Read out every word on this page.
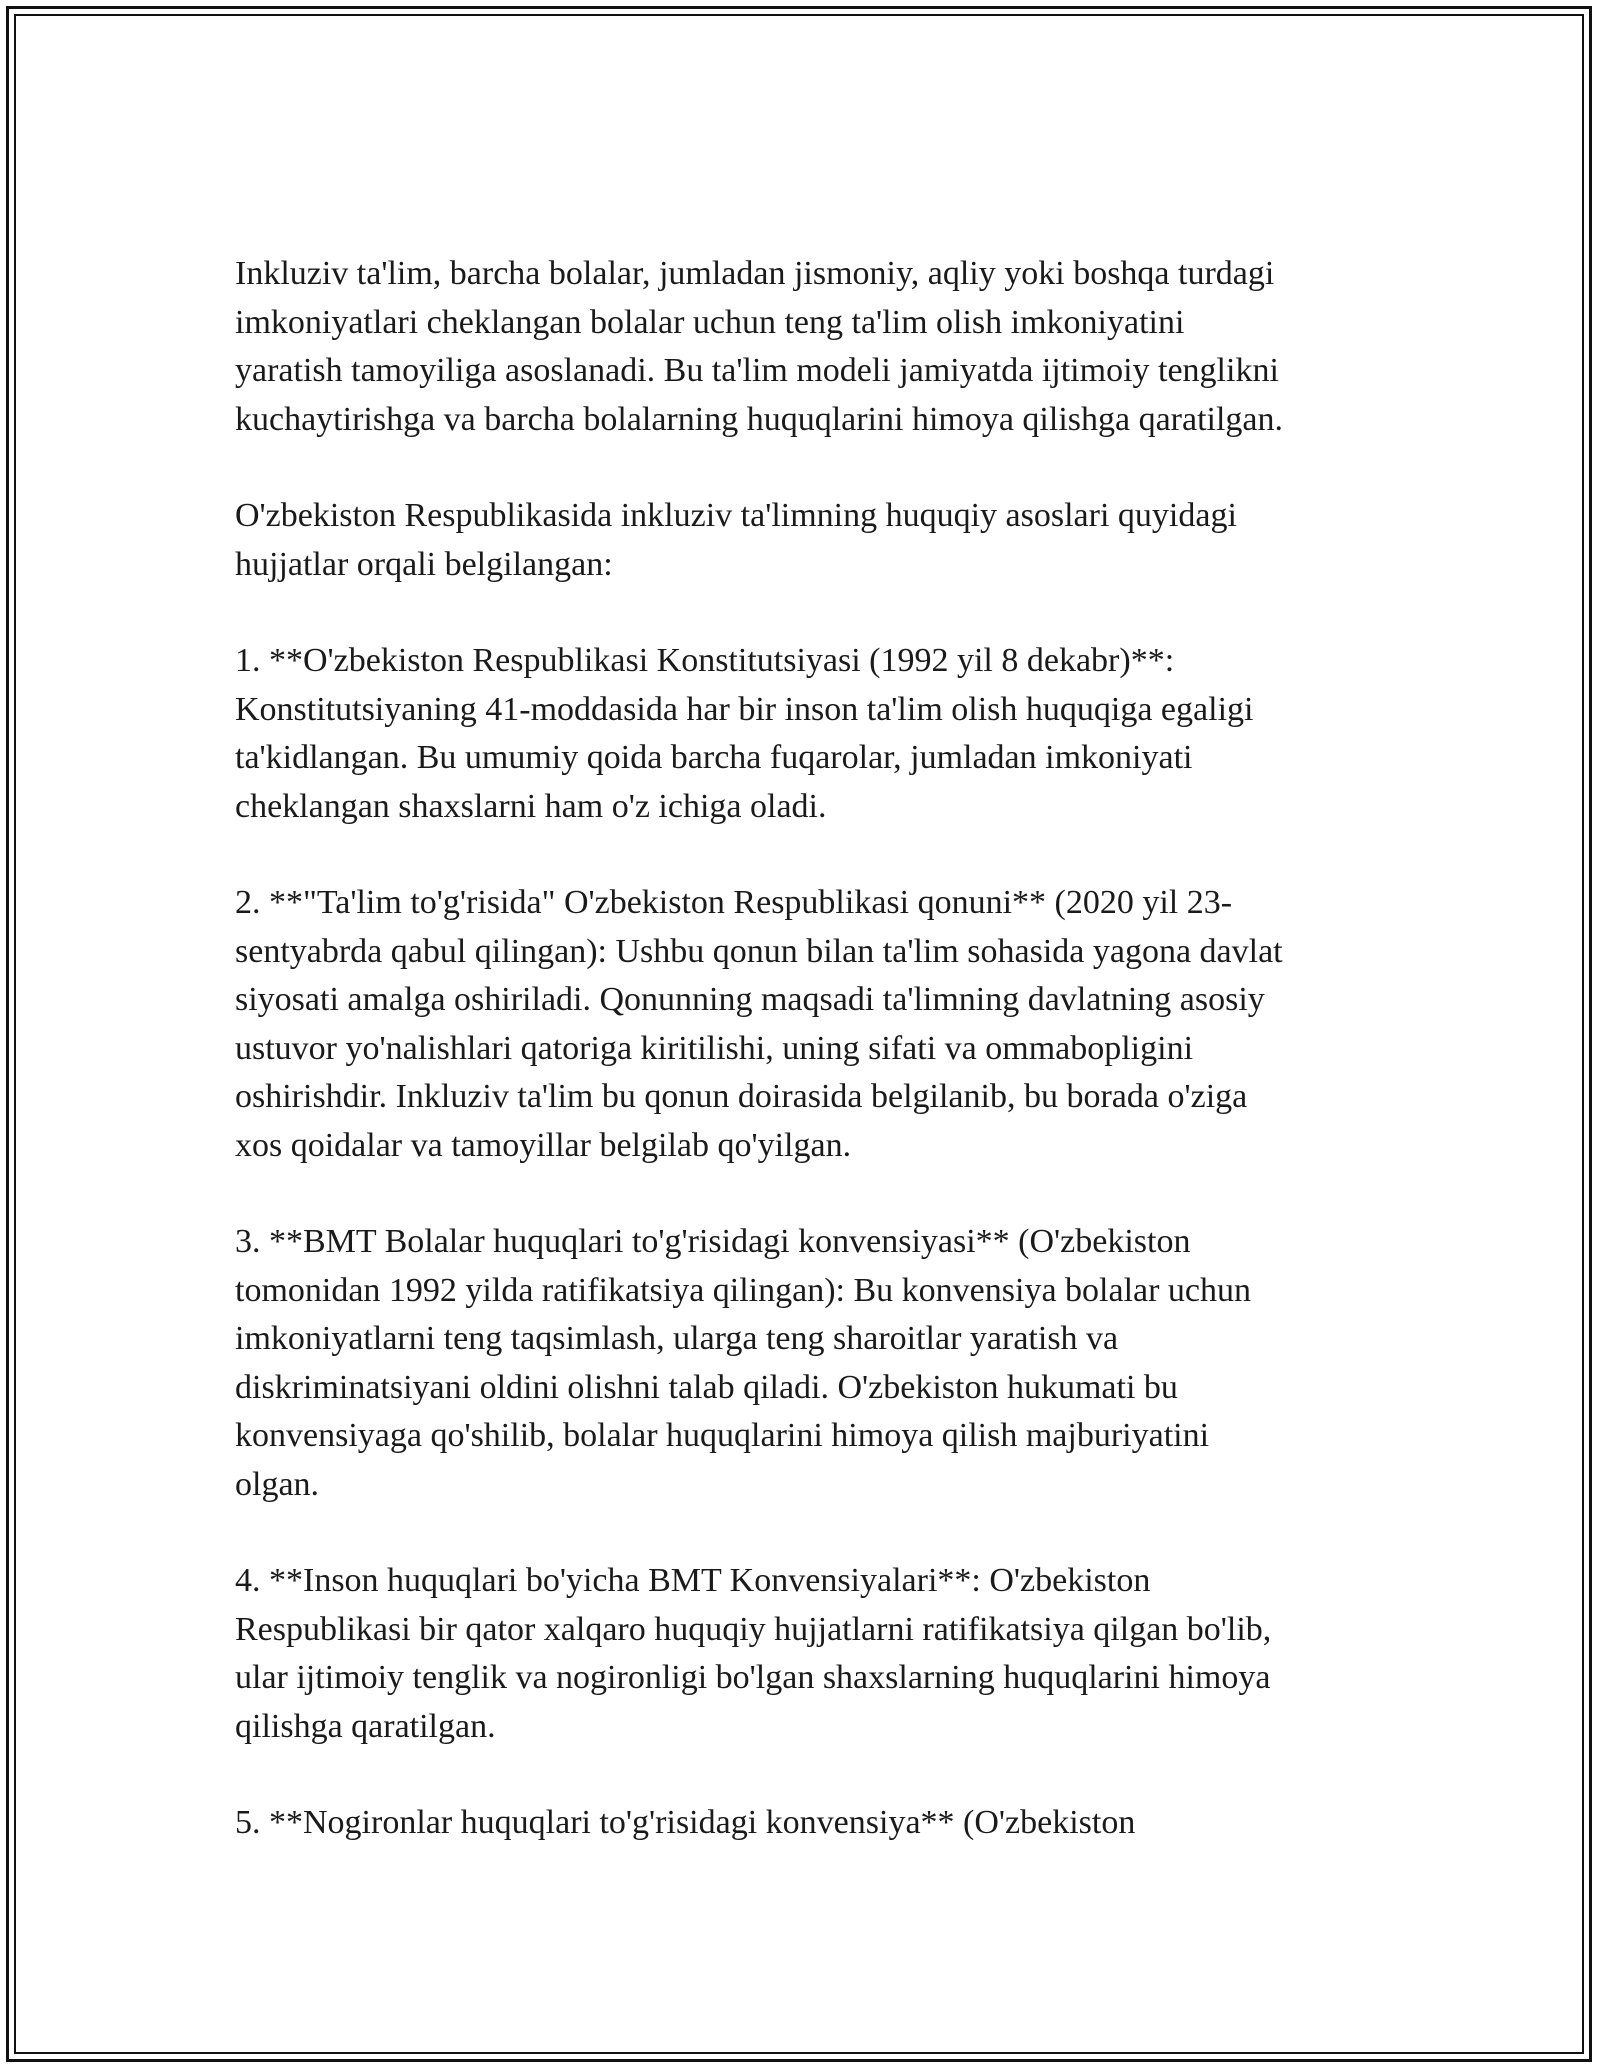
Inkluziv ta'lim, barcha bolalar, jumladan jismoniy, aqliy yoki boshqa turdagi
imkoniyatlari cheklangan bolalar uchun teng ta'lim olish imkoniyatini
yaratish tamoyiliga asoslanadi. Bu ta'lim modeli jamiyatda ijtimoiy tenglikni
kuchaytirishga va barcha bolalarning huquqlarini himoya qilishga qaratilgan.

O'zbekiston Respublikasida inkluziv ta'limning huquqiy asoslari quyidagi
hujjatlar orqali belgilangan:

1. **O'zbekiston Respublikasi Konstitutsiyasi (1992 yil 8 dekabr)**:
Konstitutsiyaning 41-moddasida har bir inson ta'lim olish huquqiga egaligi
ta'kidlangan. Bu umumiy qoida barcha fuqarolar, jumladan imkoniyati
cheklangan shaxslarni ham o'z ichiga oladi.

2. **"Ta'lim to'g'risida" O'zbekiston Respublikasi qonuni** (2020 yil 23-
sentyabrda qabul qilingan): Ushbu qonun bilan ta'lim sohasida yagona davlat
siyosati amalga oshiriladi. Qonunning maqsadi ta'limning davlatning asosiy
ustuvor yo'nalishlari qatoriga kiritilishi, uning sifati va ommabopligini
oshirishdir. Inkluziv ta'lim bu qonun doirasida belgilanib, bu borada o'ziga
xos qoidalar va tamoyillar belgilab qo'yilgan.

3. **BMT Bolalar huquqlari to'g'risidagi konvensiyasi** (O'zbekiston
tomonidan 1992 yilda ratifikatsiya qilingan): Bu konvensiya bolalar uchun
imkoniyatlarni teng taqsimlash, ularga teng sharoitlar yaratish va
diskriminatsiyani oldini olishni talab qiladi. O'zbekiston hukumati bu
konvensiyaga qo'shilib, bolalar huquqlarini himoya qilish majburiyatini
olgan.

4. **Inson huquqlari bo'yicha BMT Konvensiyalari**: O'zbekiston
Respublikasi bir qator xalqaro huquqiy hujjatlarni ratifikatsiya qilgan bo'lib,
ular ijtimoiy tenglik va nogironligi bo'lgan shaxslarning huquqlarini himoya
qilishga qaratilgan.

5. **Nogironlar huquqlari to'g'risidagi konvensiya** (O'zbekiston
